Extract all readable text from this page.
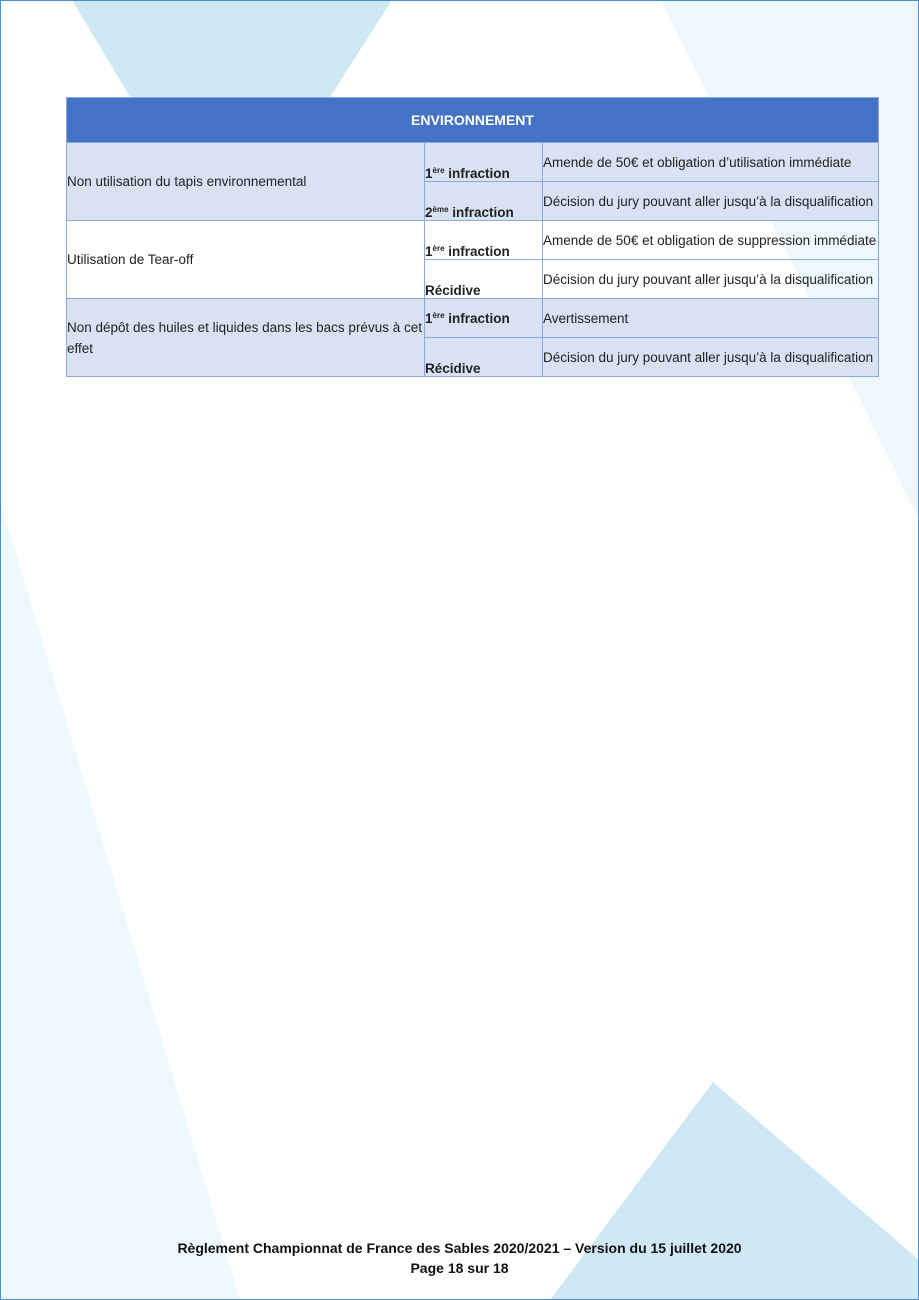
ENVIRONNEMENT		
Non utilisation du tapis environnemental	1ère infraction	Amende de 50€ et obligation d’utilisation immédiate
	2ème infraction	Décision du jury pouvant aller jusqu’à la disqualification
Utilisation de Tear-off	1ère infraction	Amende de 50€ et obligation de suppression immédiate
	Récidive	Décision du jury pouvant aller jusqu’à la disqualification
Non dépôt des huiles et liquides dans les bacs prévus à cet effet	1ère infraction	Avertissement
	Récidive	Décision du jury pouvant aller jusqu’à la disqualification
Règlement Championnat de France des Sables 2020/2021 – Version du 15 juillet 2020
Page 18 sur 18
